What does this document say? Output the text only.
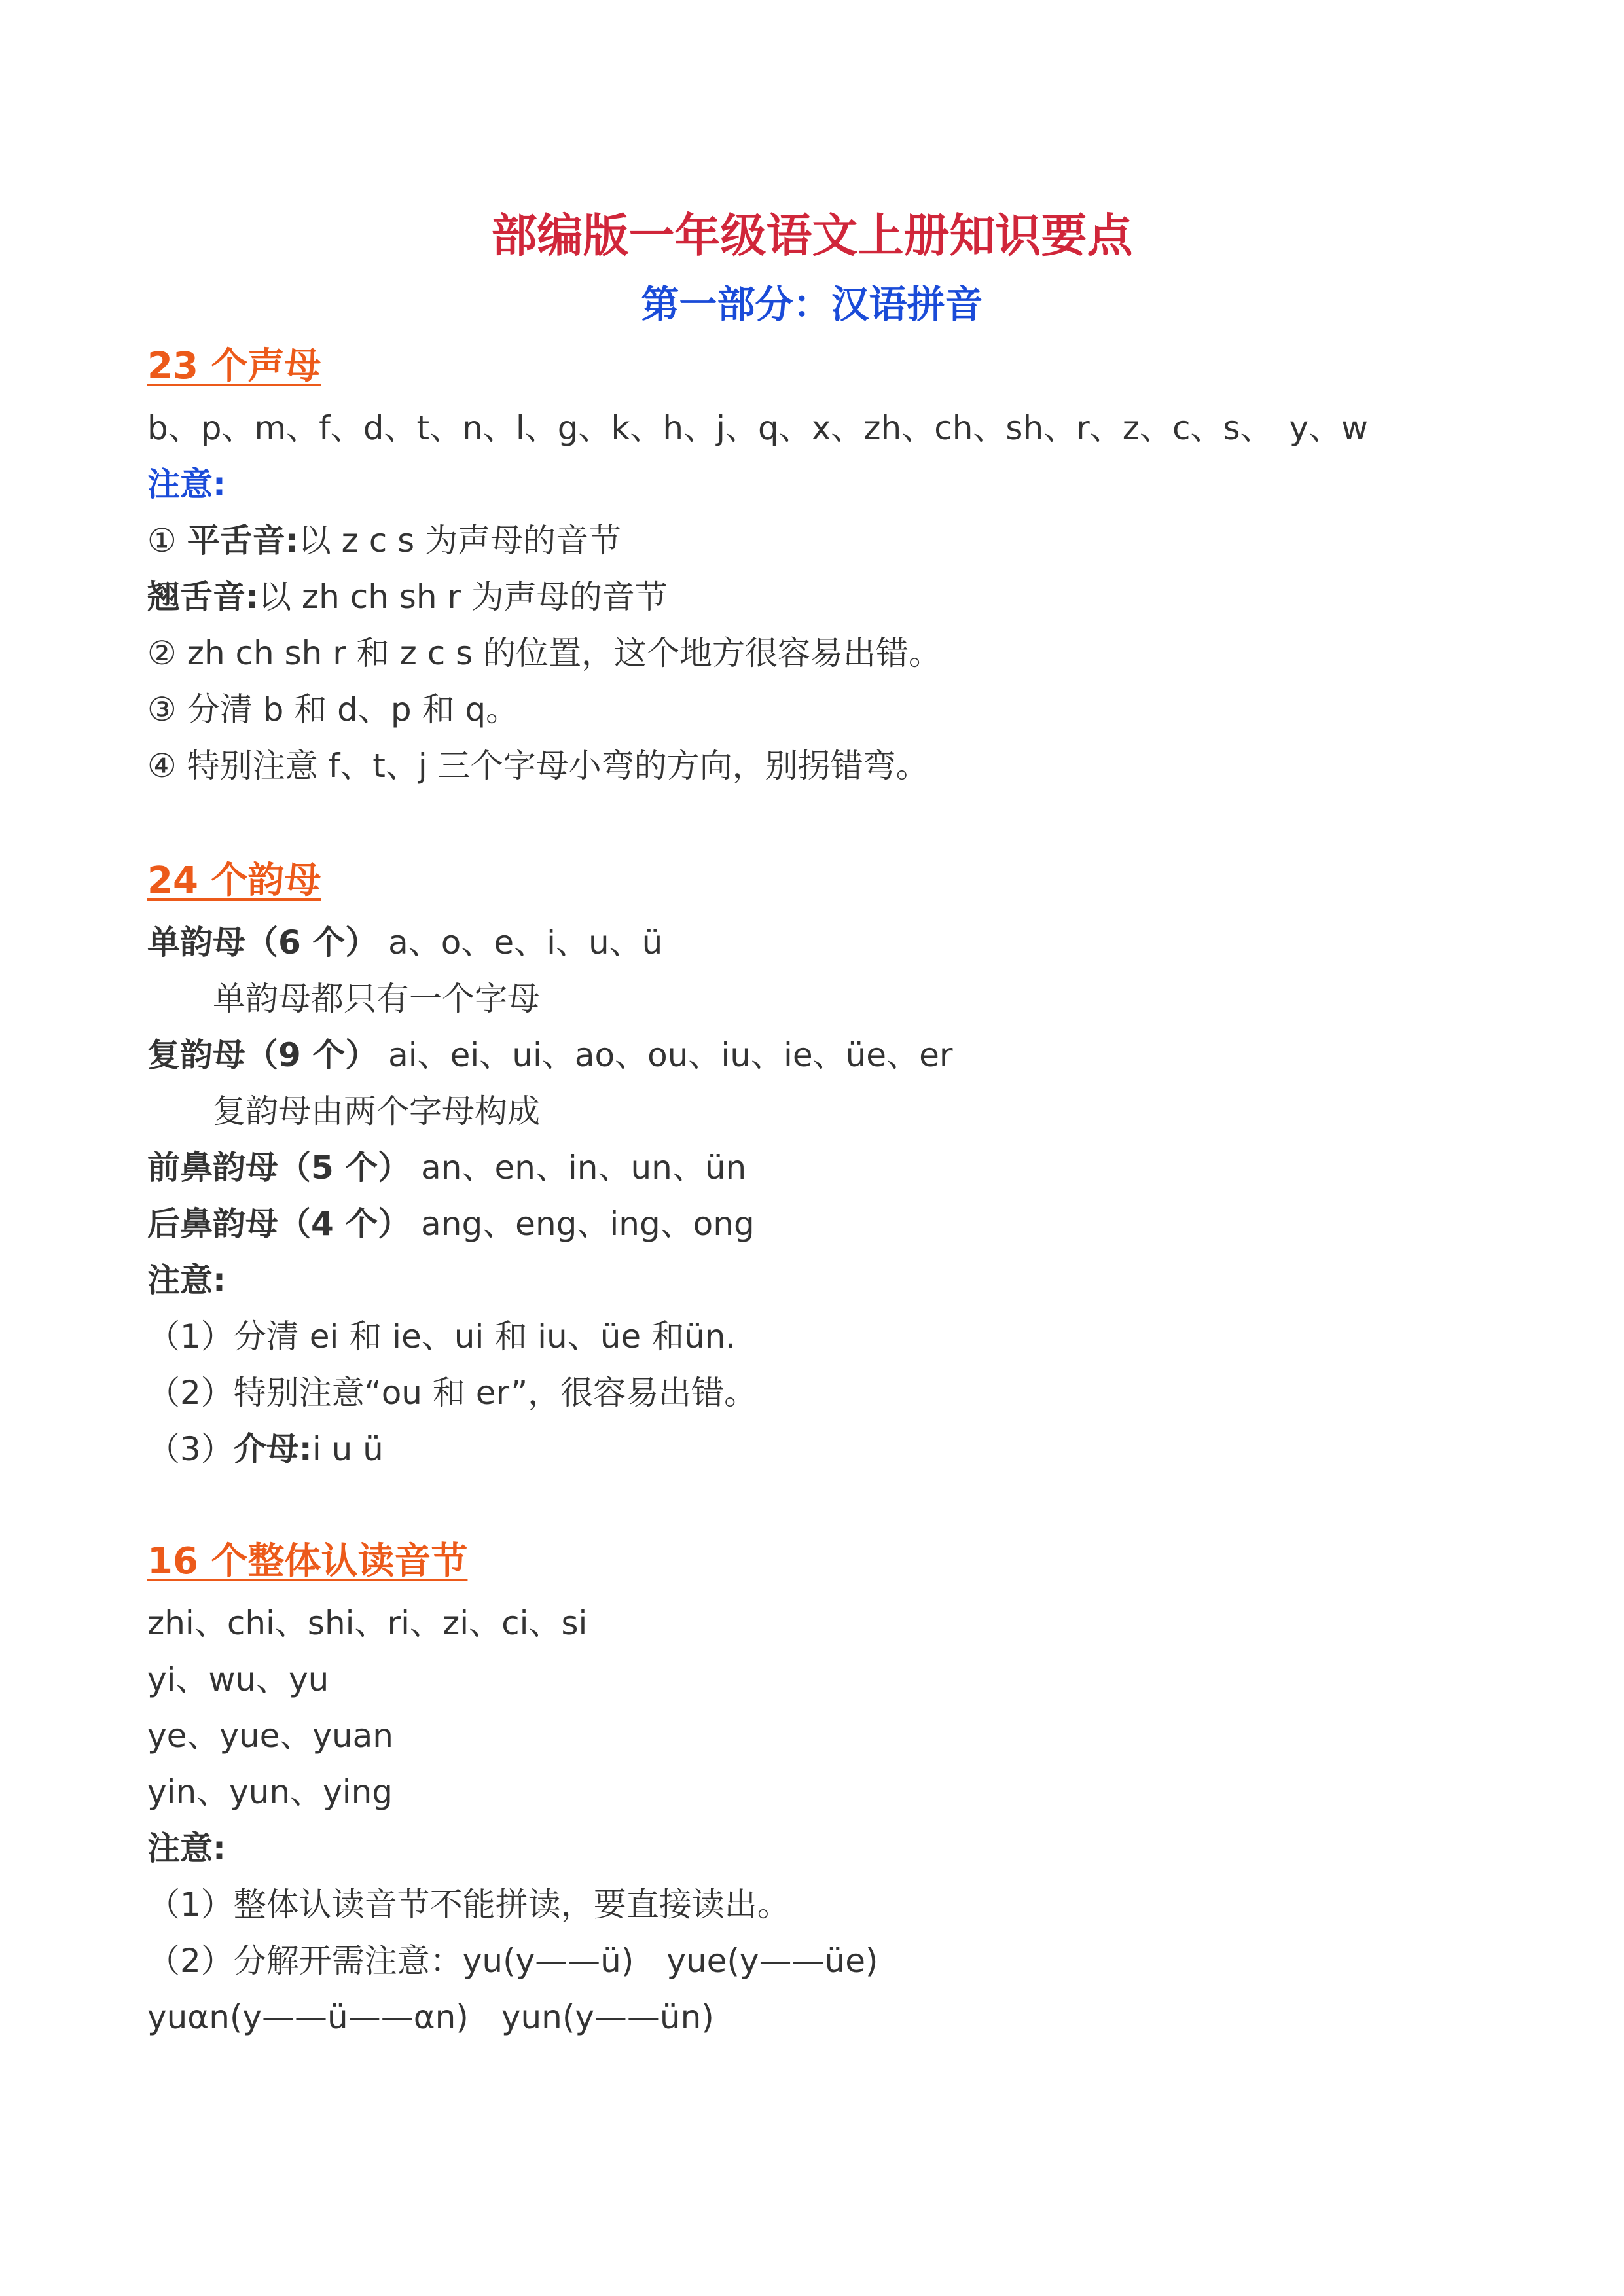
部编版一年级语文上册知识要点
第一部分：汉语拼音
23 个声母
b、p、m、f、d、t、n、l、g、k、h、j、q、x、zh、ch、sh、r、z、c、s、　y、w
注意:
① 平舌音:以 z c s 为声母的音节
翘舌音:以 zh ch sh r 为声母的音节
② zh ch sh r 和 z c s 的位置，这个地方很容易出错。
③ 分清 b 和 d、p 和 q。
④ 特别注意 f、t、j 三个字母小弯的方向，别拐错弯。
24 个韵母
单韵母（6 个） a、o、e、i、u、ü
单韵母都只有一个字母
复韵母（9 个） ai、ei、ui、ao、ou、iu、ie、üe、er
复韵母由两个字母构成
前鼻韵母（5 个） an、en、in、un、ün
后鼻韵母（4 个） ang、eng、ing、ong
注意:
（1）分清 ei 和 ie、ui 和 iu、üe 和ün.
（2）特别注意“ou 和 er”，很容易出错。
（3）介母:i u ü
16 个整体认读音节
zhi、chi、shi、ri、zi、ci、si
yi、wu、yu
ye、yue、yuan
yin、yun、ying
注意:
（1）整体认读音节不能拼读，要直接读出。
（2）分解开需注意：yu(y——ü)　yue(y——üe)
yuαn(y——ü——αn)　yun(y——ün)
